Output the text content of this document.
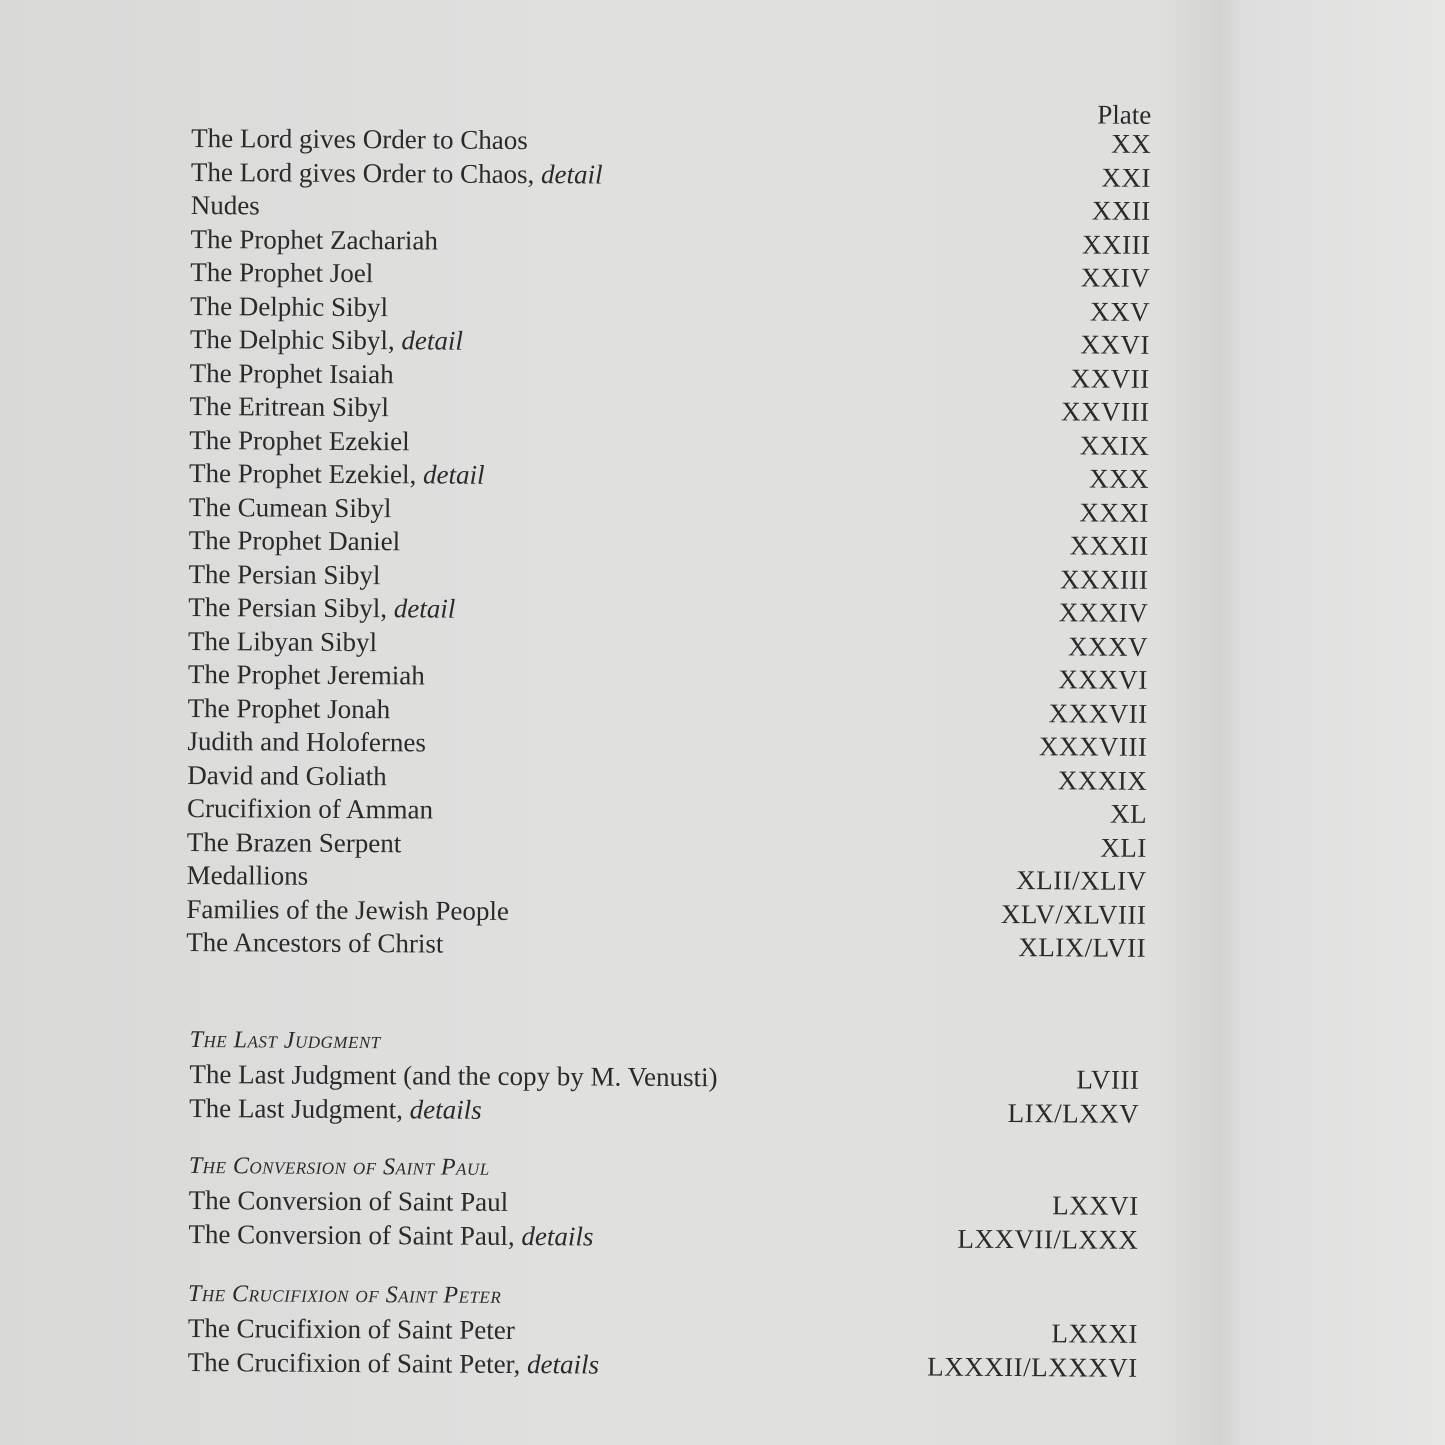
Plate
The Lord gives Order to Chaos	XX
The Lord gives Order to Chaos, detail	XXI
Nudes	XXII
The Prophet Zachariah	XXIII
The Prophet Joel	XXIV
The Delphic Sibyl	XXV
The Delphic Sibyl, detail	XXVI
The Prophet Isaiah	XXVII
The Eritrean Sibyl	XXVIII
The Prophet Ezekiel	XXIX
The Prophet Ezekiel, detail	XXX
The Cumean Sibyl	XXXI
The Prophet Daniel	XXXII
The Persian Sibyl	XXXIII
The Persian Sibyl, detail	XXXIV
The Libyan Sibyl	XXXV
The Prophet Jeremiah	XXXVI
The Prophet Jonah	XXXVII
Judith and Holofernes	XXXVIII
David and Goliath	XXXIX
Crucifixion of Amman	XL
The Brazen Serpent	XLI
Medallions	XLII/XLIV
Families of the Jewish People	XLV/XLVIII
The Ancestors of Christ	XLIX/LVII
The Last Judgment
The Last Judgment (and the copy by M. Venusti)	LVIII
The Last Judgment, details	LIX/LXXV
The Conversion of Saint Paul
The Conversion of Saint Paul	LXXVI
The Conversion of Saint Paul, details	LXXVII/LXXX
The Crucifixion of Saint Peter
The Crucifixion of Saint Peter	LXXXI
The Crucifixion of Saint Peter, details	LXXXII/LXXXVI
